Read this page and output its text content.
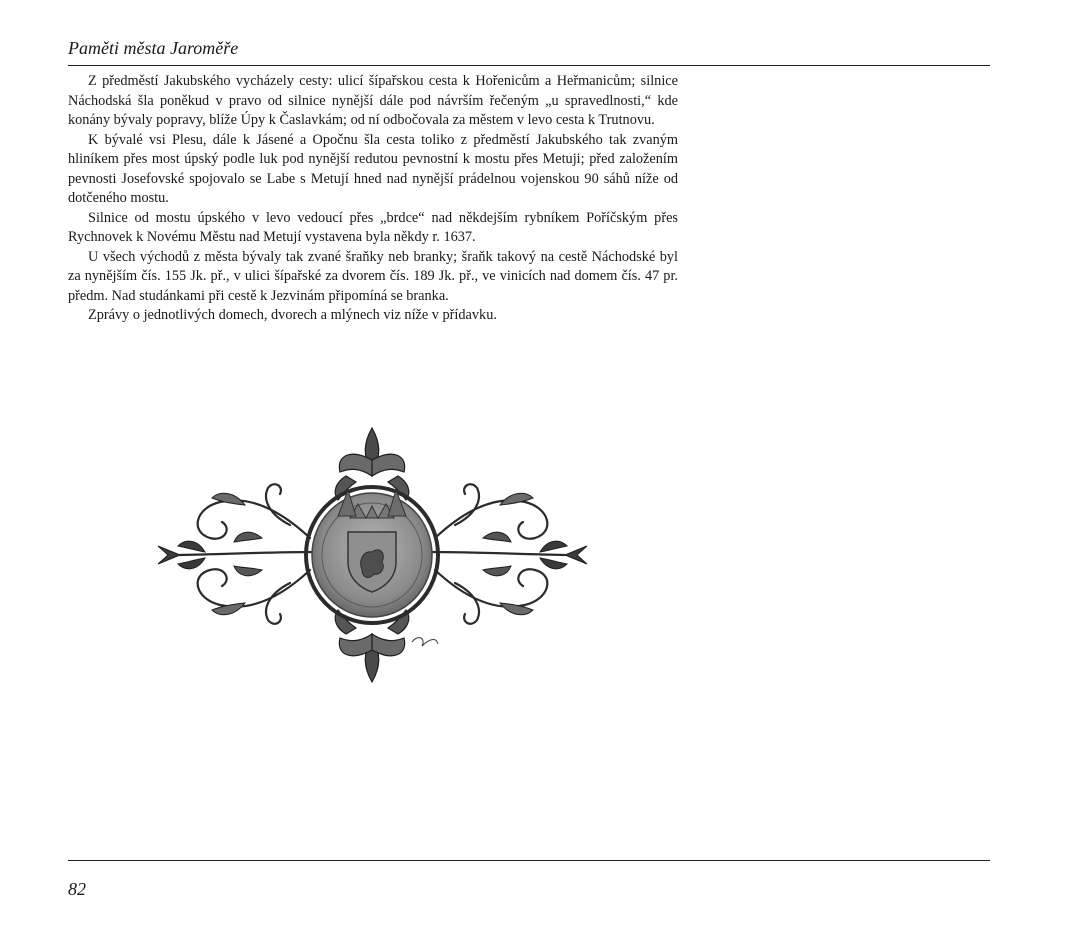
Paměti města Jaroměře

Z předměstí Jakubského vycházely cesty: ulicí šípařskou cesta k Hořenicům a Heřmanicům; silnice Náchodská šla poněkud v pravo od silnice nynější dále pod návrším řečeným „u spravedlnosti,“ kde konány bývaly popravy, blíže Úpy k Časlavkám; od ní odbočovala za městem v levo cesta k Trutnovu.

K bývalé vsi Plesu, dále k Jásené a Opočnu šla cesta toliko z předměstí Jakubského tak zvaným hliníkem přes most úpský podle luk pod nynější redutou pevnostní k mostu přes Metuji; před založením pevnosti Josefovské spojovalo se Labe s Metují hned nad nynější prádelnou vojenskou 90 sáhů níže od dotčeného mostu.

Silnice od mostu úpského v levo vedoucí přes „brdce“ nad někdejším rybníkem Poříčským přes Rychnovek k Novému Městu nad Metují vystavena byla někdy r. 1637.

U všech východů z města bývaly tak zvané šraňky neb branky; šraňk takový na cestě Náchodské byl za nynějším čís. 155 Jk. př., v ulici šípařské za dvorem čís. 189 Jk. př., ve vinicích nad domem čís. 47 pr. předm. Nad studánkami při cestě k Jezvinám připomíná se branka.

Zprávy o jednotlivých domech, dvorech a mlýnech viz níže v přídavku.

82
